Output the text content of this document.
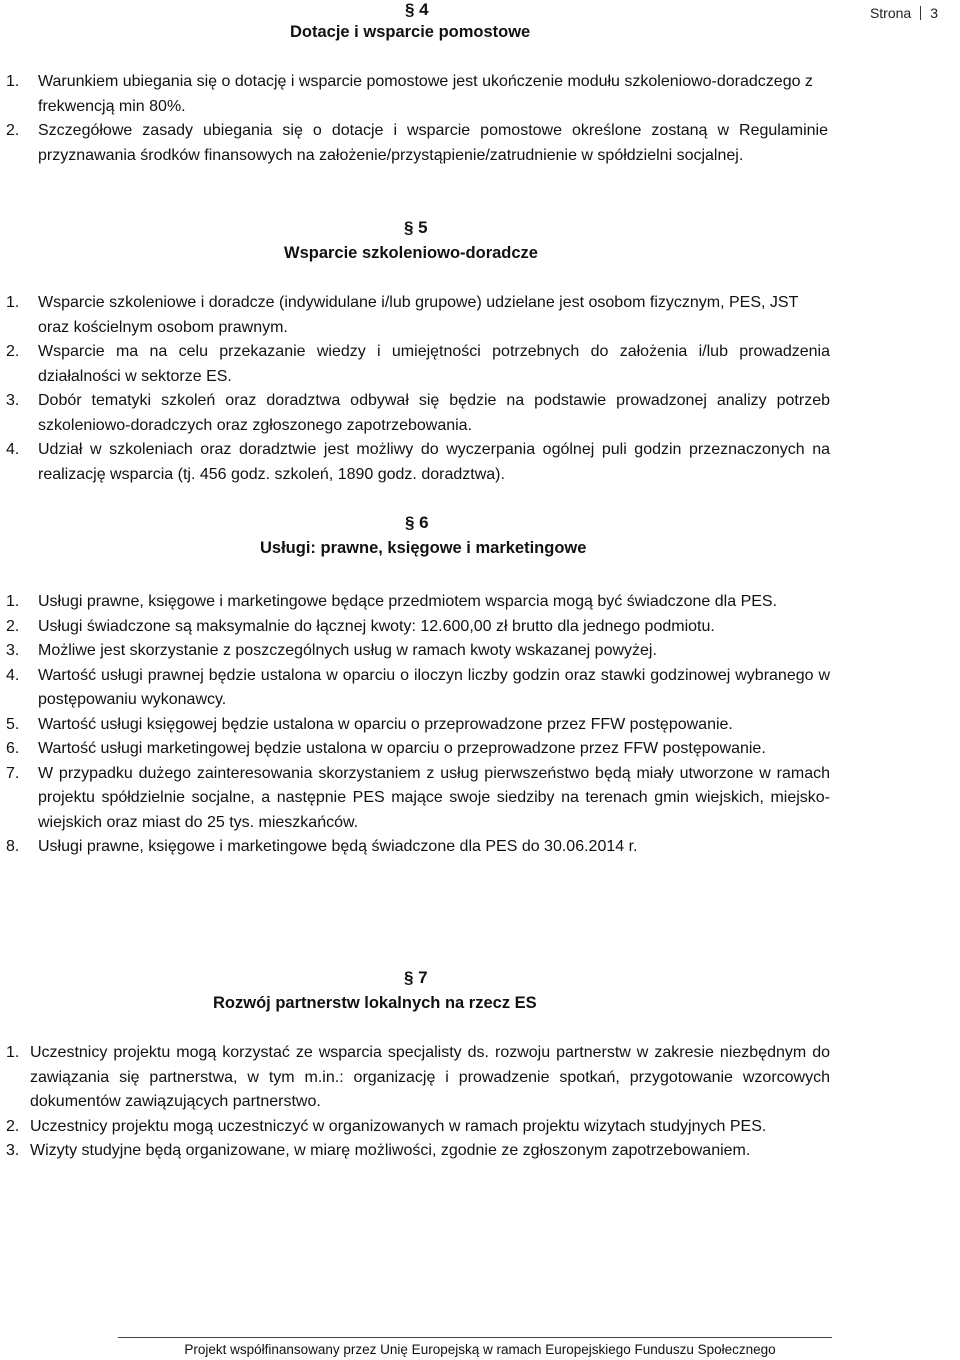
Strona 3
§ 4
Dotacje i wsparcie pomostowe
1. Warunkiem ubiegania się o dotację i wsparcie pomostowe jest ukończenie modułu szkoleniowo-doradczego z frekwencją min 80%.
2. Szczegółowe zasady ubiegania się o dotacje i wsparcie pomostowe określone zostaną w Regulaminie przyznawania środków finansowych na założenie/przystąpienie/zatrudnienie w spółdzielni socjalnej.
§ 5
Wsparcie szkoleniowo-doradcze
1. Wsparcie szkoleniowe i doradcze (indywidulane i/lub grupowe) udzielane jest osobom fizycznym, PES, JST oraz kościelnym osobom prawnym.
2. Wsparcie ma na celu przekazanie wiedzy i umiejętności potrzebnych do założenia i/lub prowadzenia działalności w sektorze ES.
3. Dobór tematyki szkoleń oraz doradztwa odbywał się będzie na podstawie prowadzonej analizy potrzeb szkoleniowo-doradczych oraz zgłoszonego zapotrzebowania.
4. Udział w szkoleniach oraz doradztwie jest możliwy do wyczerpania ogólnej puli godzin przeznaczonych na realizację wsparcia (tj. 456 godz. szkoleń, 1890 godz. doradztwa).
§ 6
Usługi: prawne, księgowe i marketingowe
1. Usługi prawne, księgowe i marketingowe będące przedmiotem wsparcia mogą być świadczone dla PES.
2. Usługi świadczone są maksymalnie do łącznej kwoty: 12.600,00 zł brutto dla jednego podmiotu.
3. Możliwe jest skorzystanie z poszczególnych usług w ramach kwoty wskazanej powyżej.
4. Wartość usługi prawnej będzie ustalona w oparciu o iloczyn liczby godzin oraz stawki godzinowej wybranego w postępowaniu wykonawcy.
5. Wartość usługi księgowej będzie ustalona w oparciu o przeprowadzone przez FFW postępowanie.
6. Wartość usługi marketingowej będzie ustalona w oparciu o przeprowadzone przez FFW postępowanie.
7. W przypadku dużego zainteresowania skorzystaniem z usług pierwszeństwo będą miały utworzone w ramach projektu spółdzielnie socjalne, a następnie PES mające swoje siedziby na terenach gmin wiejskich, miejsko-wiejskich oraz miast do 25 tys. mieszkańców.
8. Usługi prawne, księgowe i marketingowe będą świadczone dla PES do 30.06.2014 r.
§ 7
Rozwój partnerstw lokalnych na rzecz ES
1. Uczestnicy projektu mogą korzystać ze wsparcia specjalisty ds. rozwoju partnerstw w zakresie niezbędnym do zawiązania się partnerstwa, w tym m.in.: organizację i prowadzenie spotkań, przygotowanie wzorcowych dokumentów zawiązujących partnerstwo.
2. Uczestnicy projektu mogą uczestniczyć w organizowanych w ramach projektu wizytach studyjnych PES.
3. Wizyty studyjne będą organizowane, w miarę możliwości, zgodnie ze zgłoszonym zapotrzebowaniem.
Projekt współfinansowany przez Unię Europejską w ramach Europejskiego Funduszu Społecznego
